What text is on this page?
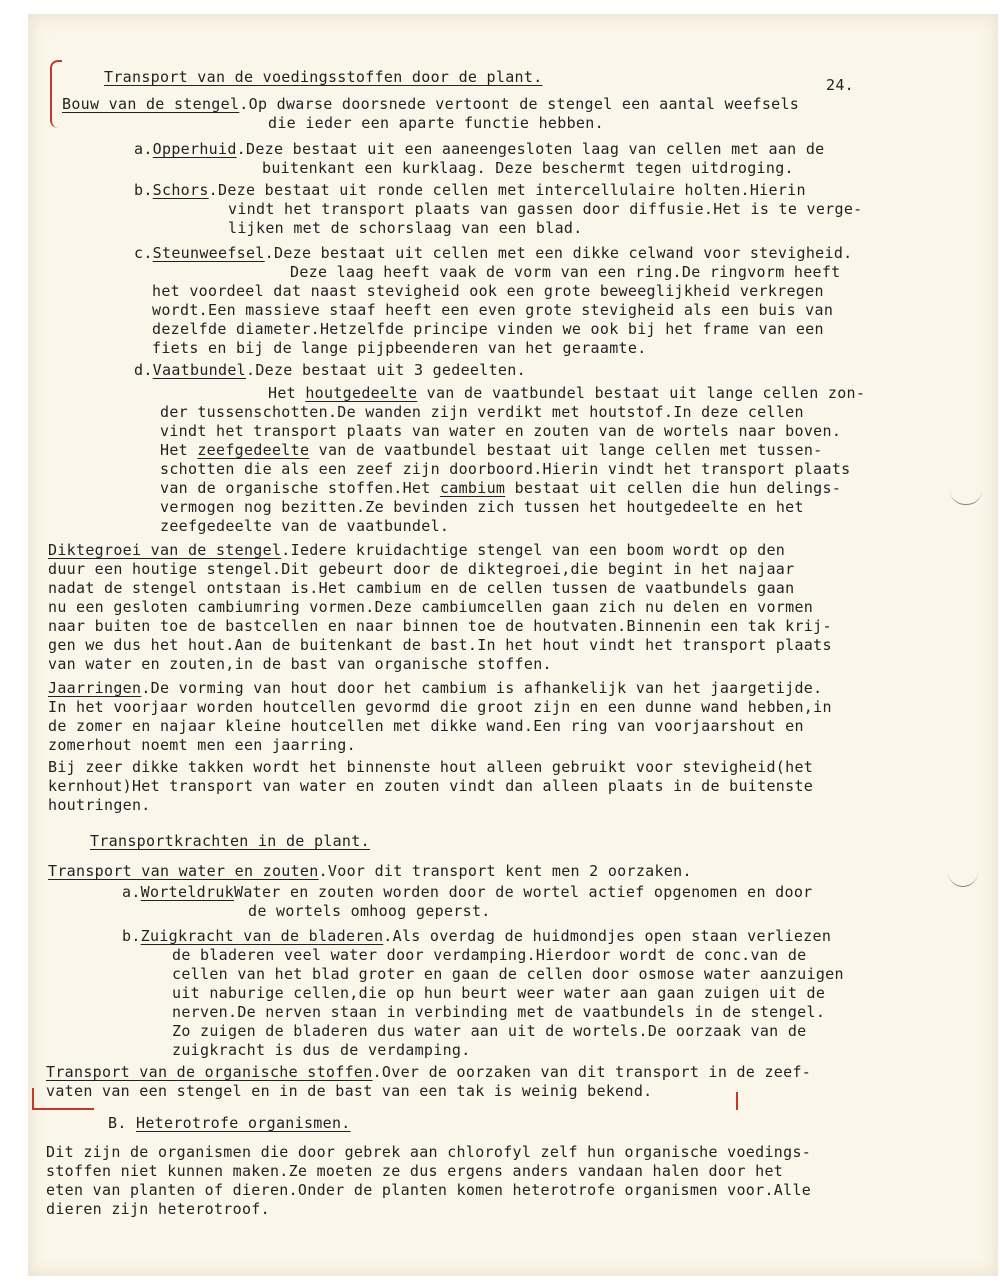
Transport van de voedingsstoffen door de plant.	24.
Bouw van de stengel.Op dwarse doorsnede vertoont de stengel een aantal weefsels
die ieder een aparte functie hebben.
a.Opperhuid.Deze bestaat uit een aaneengesloten laag van cellen met aan de
buitenkant een kurklaag. Deze beschermt tegen uitdroging.
b.Schors.Deze bestaat uit ronde cellen met intercellulaire holten.Hierin
vindt het transport plaats van gassen door diffusie.Het is te verge-
lijken met de schorslaag van een blad.
c.Steunweefsel.Deze bestaat uit cellen met een dikke celwand voor stevigheid.
Deze laag heeft vaak de vorm van een ring.De ringvorm heeft
het voordeel dat naast stevigheid ook een grote beweeglijkheid verkregen
wordt.Een massieve staaf heeft een even grote stevigheid als een buis van
dezelfde diameter.Hetzelfde principe vinden we ook bij het frame van een
fiets en bij de lange pijpbeenderen van het geraamte.
d.Vaatbundel.Deze bestaat uit 3 gedeelten.
Het houtgedeelte van de vaatbundel bestaat uit lange cellen zon-
der tussenschotten.De wanden zijn verdikt met houtstof.In deze cellen
vindt het transport plaats van water en zouten van de wortels naar boven.
Het zeefgedeelte van de vaatbundel bestaat uit lange cellen met tussen-
schotten die als een zeef zijn doorboord.Hierin vindt het transport plaats
van de organische stoffen.Het cambium bestaat uit cellen die hun delings-
vermogen nog bezitten.Ze bevinden zich tussen het houtgedeelte en het
zeefgedeelte van de vaatbundel.
Diktegroei van de stengel.Iedere kruidachtige stengel van een boom wordt op den
duur een houtige stengel.Dit gebeurt door de diktegroei,die begint in het najaar
nadat de stengel ontstaan is.Het cambium en de cellen tussen de vaatbundels gaan
nu een gesloten cambiumring vormen.Deze cambiumcellen gaan zich nu delen en vormen
naar buiten toe de bastcellen en naar binnen toe de houtvaten.Binnenin een tak krij-
gen we dus het hout.Aan de buitenkant de bast.In het hout vindt het transport plaats
van water en zouten,in de bast van organische stoffen.
Jaarringen.De vorming van hout door het cambium is afhankelijk van het jaargetijde.
In het voorjaar worden houtcellen gevormd die groot zijn en een dunne wand hebben,in
de zomer en najaar kleine houtcellen met dikke wand.Een ring van voorjaarshout en
zomerhout noemt men een jaarring.
Bij zeer dikke takken wordt het binnenste hout alleen gebruikt voor stevigheid(het
kernhout)Het transport van water en zouten vindt dan alleen plaats in de buitenste
houtringen.
Transportkrachten in de plant.
Transport van water en zouten.Voor dit transport kent men 2 oorzaken.
a.WorteldrukWater en zouten worden door de wortel actief opgenomen en door
de wortels omhoog geperst.
b.Zuigkracht van de bladeren.Als overdag de huidmondjes open staan verliezen
de bladeren veel water door verdamping.Hierdoor wordt de conc.van de
cellen van het blad groter en gaan de cellen door osmose water aanzuigen
uit naburige cellen,die op hun beurt weer water aan gaan zuigen uit de
nerven.De nerven staan in verbinding met de vaatbundels in de stengel.
Zo zuigen de bladeren dus water aan uit de wortels.De oorzaak van de
zuigkracht is dus de verdamping.
Transport van de organische stoffen.Over de oorzaken van dit transport in de zeef-
vaten van een stengel en in de bast van een tak is weinig bekend.
B. Heterotrofe organismen.
Dit zijn de organismen die door gebrek aan chlorofyl zelf hun organische voedings-
stoffen niet kunnen maken.Ze moeten ze dus ergens anders vandaan halen door het
eten van planten of dieren.Onder de planten komen heterotrofe organismen voor.Alle
dieren zijn heterotroof.
